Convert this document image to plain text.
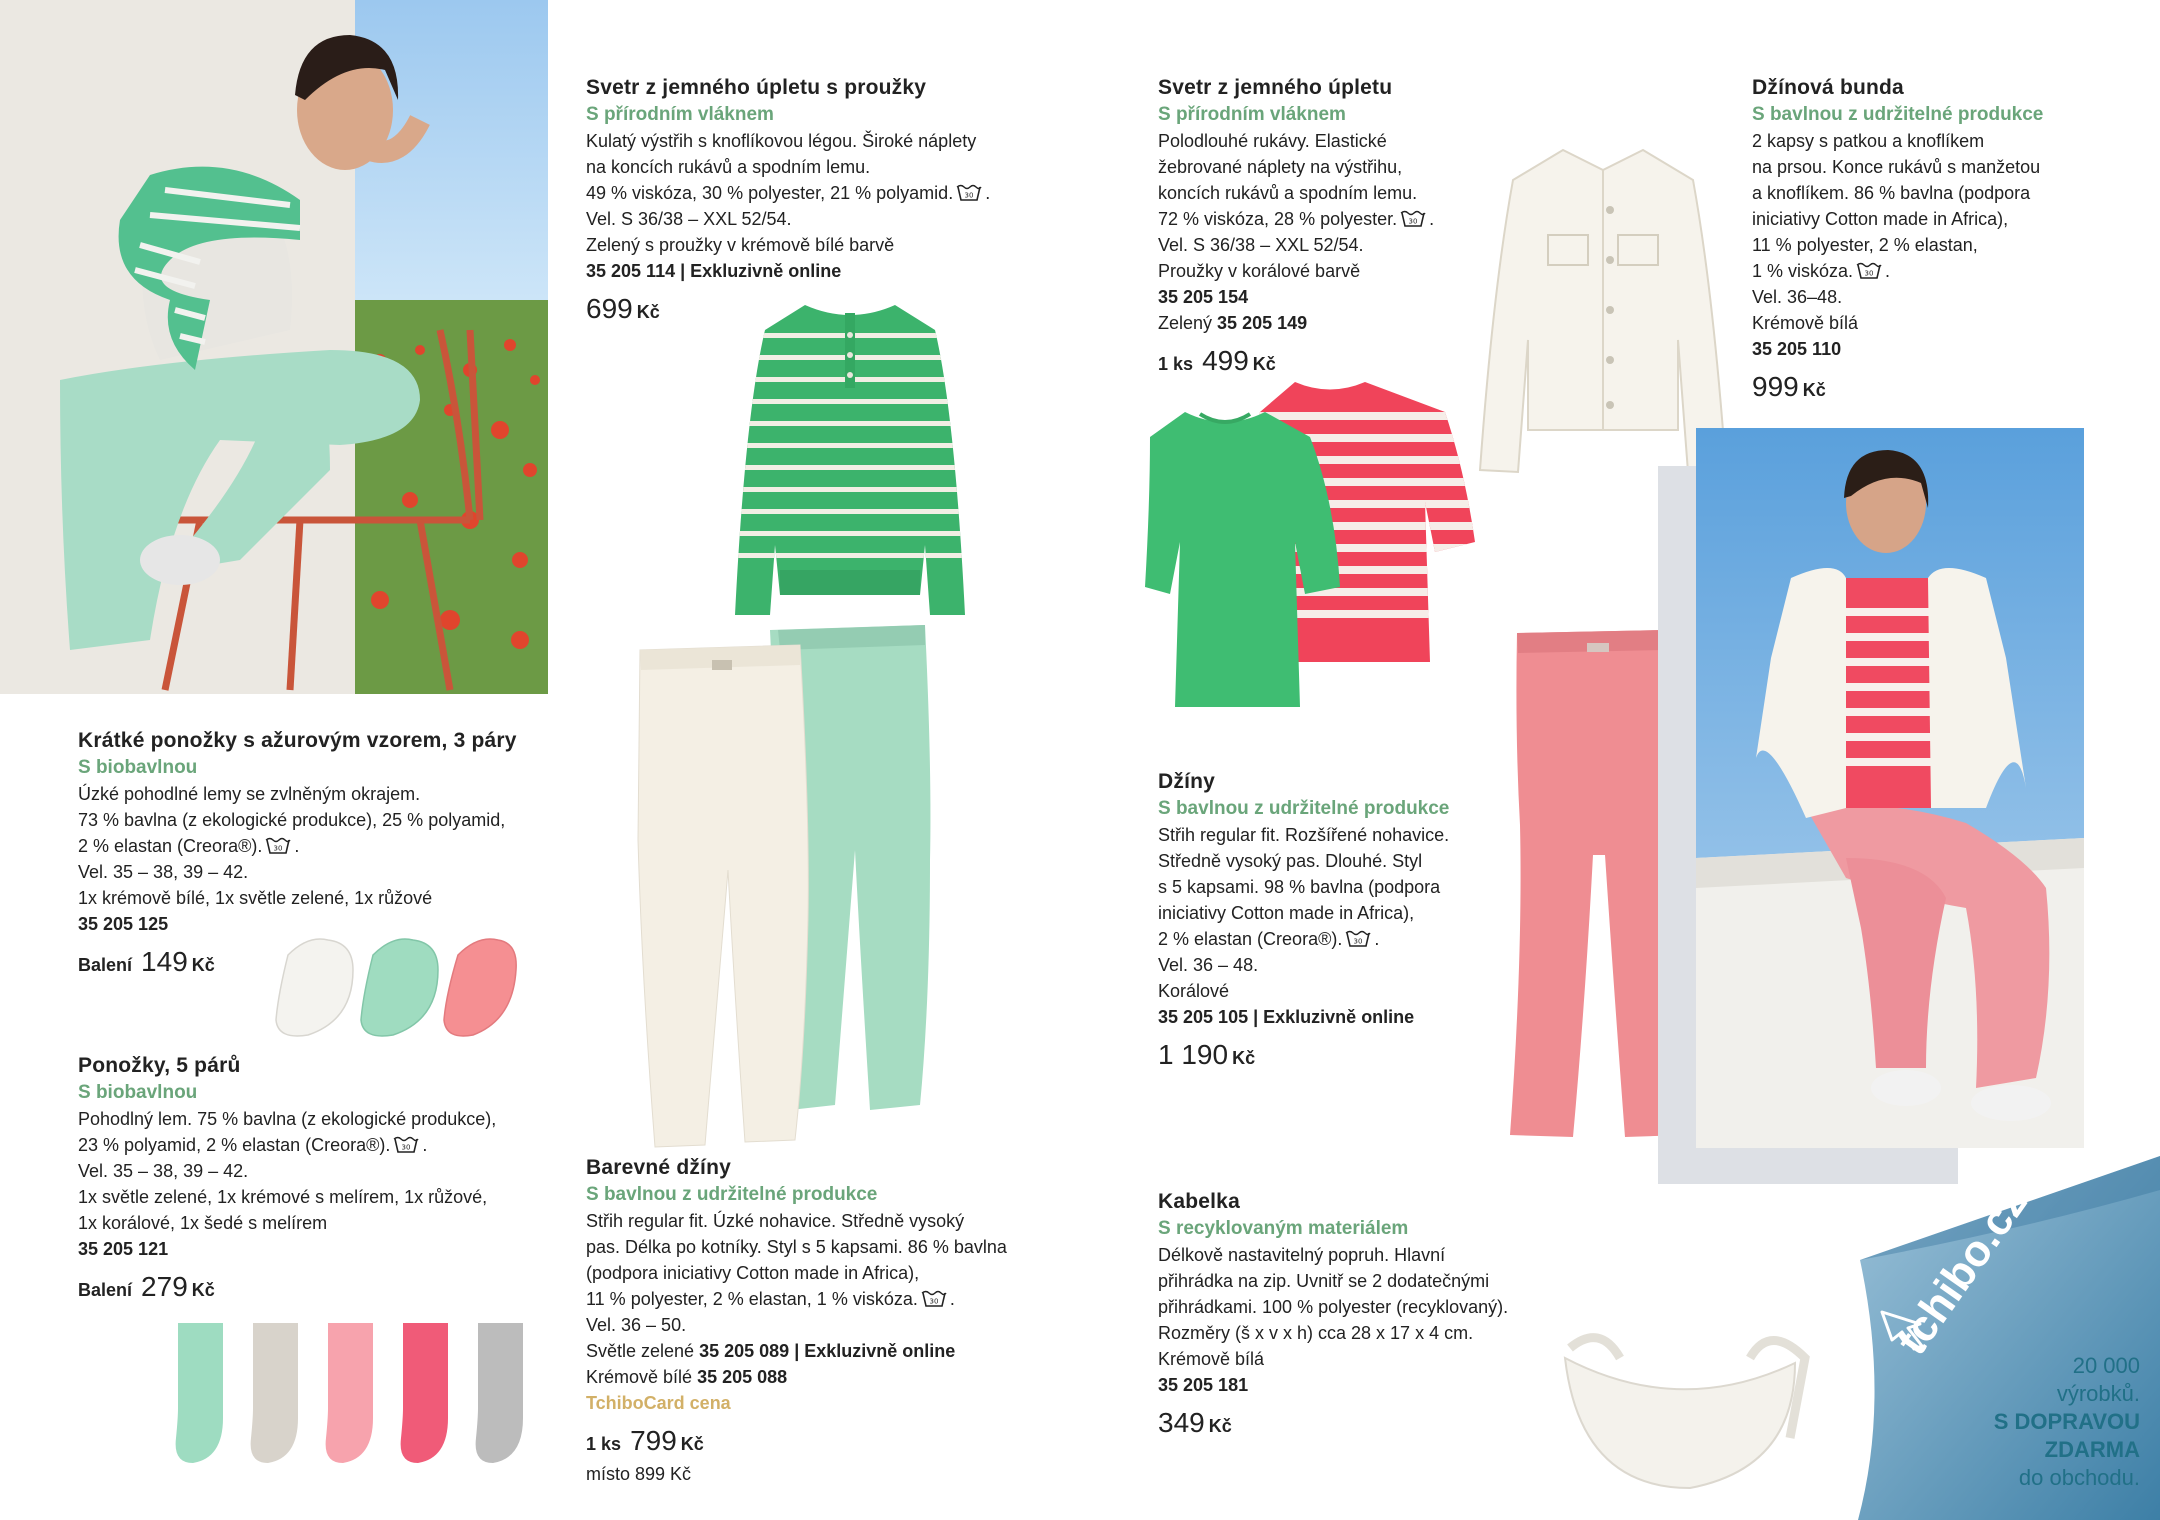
Krátké ponožky s ažurovým vzorem, 3 páry
S biobavlnou
Úzké pohodlné lemy se zvlněným okrajem.
73 % bavlna (z ekologické produkce), 25 % polyamid,
2 % elastan (Creora®). .
Vel. 35 – 38, 39 – 42.
1x krémově bílé, 1x světle zelené, 1x růžové
35 205 125
Balení 149 Kč
Ponožky, 5 párů
S biobavlnou
Pohodlný lem. 75 % bavlna (z ekologické produkce),
23 % polyamid, 2 % elastan (Creora®). .
Vel. 35 – 38, 39 – 42.
1x světle zelené, 1x krémové s melírem, 1x růžové,
1x korálové, 1x šedé s melírem
35 205 121
Balení 279 Kč
Svetr z jemného úpletu s proužky
S přírodním vláknem
Kulatý výstřih s knoflíkovou légou. Široké náplety
na koncích rukávů a spodním lemu.
49 % viskóza, 30 % polyester, 21 % polyamid. .
Vel. S 36/38 – XXL 52/54.
Zelený s proužky v krémově bílé barvě
35 205 114 | Exkluzivně online
699 Kč
Barevné džíny
S bavlnou z udržitelné produkce
Střih regular fit. Úzké nohavice. Středně vysoký
pas. Délka po kotníky. Styl s 5 kapsami. 86 % bavlna
(podpora iniciativy Cotton made in Africa),
11 % polyester, 2 % elastan, 1 % viskóza. .
Vel. 36 – 50.
Světle zelené 35 205 089 | Exkluzivně online
Krémově bílé 35 205 088
TchiboCard cena
1 ks 799 Kč
místo 899 Kč
Svetr z jemného úpletu
S přírodním vláknem
Polodlouhé rukávy. Elastické
žebrované náplety na výstřihu,
koncích rukávů a spodním lemu.
72 % viskóza, 28 % polyester. .
Vel. S 36/38 – XXL 52/54.
Proužky v korálové barvě
35 205 154
Zelený 35 205 149
1 ks 499 Kč
Džíny
S bavlnou z udržitelné produkce
Střih regular fit. Rozšířené nohavice.
Středně vysoký pas. Dlouhé. Styl
s 5 kapsami. 98 % bavlna (podpora
iniciativy Cotton made in Africa),
2 % elastan (Creora®). .
Vel. 36 – 48.
Korálové
35 205 105 | Exkluzivně online
1 190 Kč
Kabelka
S recyklovaným materiálem
Délkově nastavitelný popruh. Hlavní
přihrádka na zip. Uvnitř se 2 dodatečnými
přihrádkami. 100 % polyester (recyklovaný).
Rozměry (š x v x h) cca 28 x 17 x 4 cm.
Krémově bílá
35 205 181
349 Kč
Džínová bunda
S bavlnou z udržitelné produkce
2 kapsy s patkou a knoflíkem
na prsou. Konce rukávů s manžetou
a knoflíkem. 86 % bavlna (podpora
iniciativy Cotton made in Africa),
11 % polyester, 2 % elastan,
1 % viskóza. .
Vel. 36–48.
Krémově bílá
35 205 110
999 Kč
tchibo.cz
20 000
výrobků.
S DOPRAVOU
ZDARMA
do obchodu.
